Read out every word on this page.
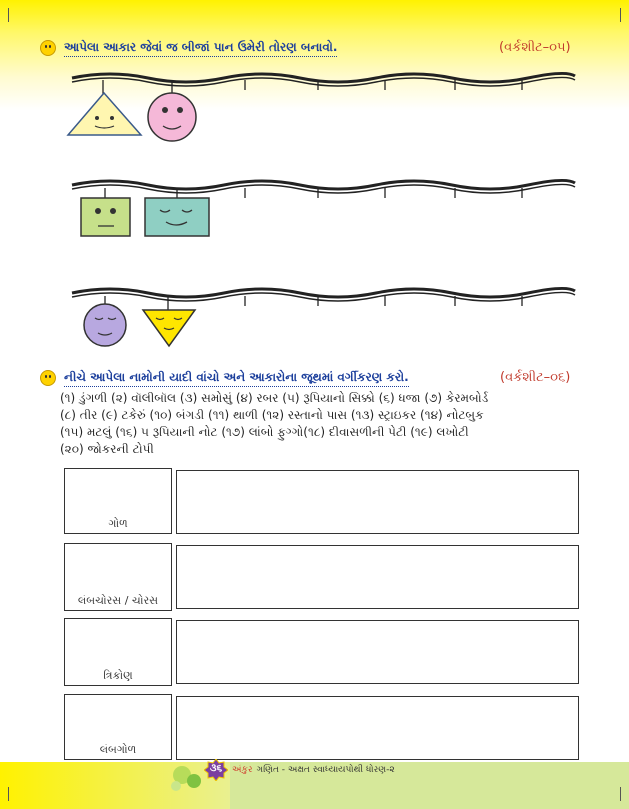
આપેલા આકાર જેવાં જ બીજાં પાન ઉમેરી તોરણ બનાવો.	(વર્કશીટ–૦૫)
નીચે આપેલા નામોની યાદી વાંચો અને આકારોના જૂથમાં વર્ગીકરણ કરો.	(વર્કશીટ–૦૬)
(૧) ડુંગળી (૨) વૉલીબૉલ (૩) સમોસું (૪) રબર (૫) રૂપિયાનો સિક્કો (૬) ધજા (૭) કેરમબોર્ડ
(૮) તીર (૯) ટકેરું (૧૦) બંગડી (૧૧) થાળી (૧૨) રસ્તાનો પાસ (૧૩) સ્ટ્રાઇકર (૧૪) નોટબુક
(૧૫) મટલું (૧૬) ૫ રૂપિયાની નોટ (૧૭) લાંબો ફુગ્ગો(૧૮) દીવાસળીની પેટી (૧૯) લખોટી
(૨૦) જોકરની ટોપી
ગોળ
લંબચોરસ / ચોરસ
ત્રિકોણ
લંબગોળ
૩૬	અંકુર ગણિત - અક્ષત સ્વાધ્યાયપોથી ધોરણ-૨
